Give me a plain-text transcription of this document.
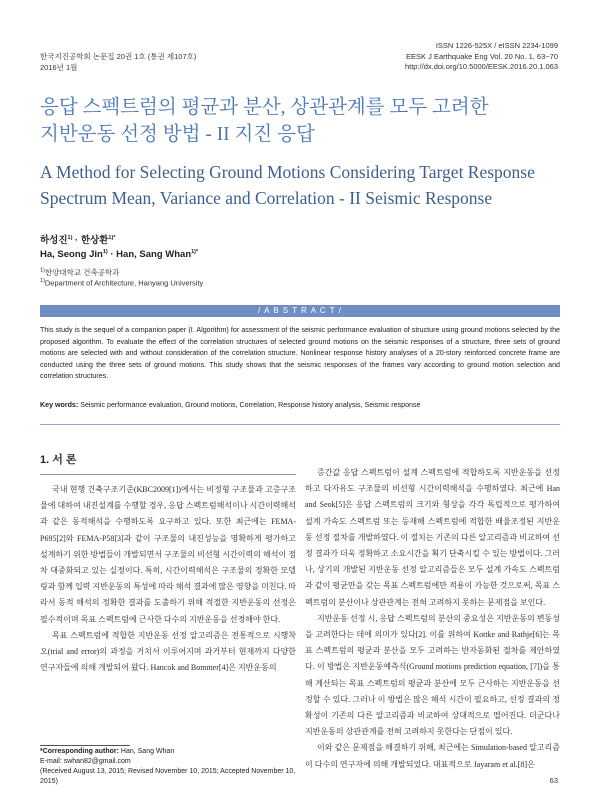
한국지진공학회 논문집 20권 1호 (통권 제107호)
2016년 1월
ISSN 1226-525X / eISSN 2234-1099
EESK J Earthquake Eng Vol. 20 No. 1, 63~70
http://dx.doi.org/10.5000/EESK.2016.20.1.063
응답 스펙트럼의 평균과 분산, 상관관계를 모두 고려한
지반운동 선정 방법 - II 지진 응답
A Method for Selecting Ground Motions Considering Target Response
Spectrum Mean, Variance and Correlation - II Seismic Response
하성진$^{1)}$ · 한상환$^{1)*}$
Ha, Seong Jin$^{1)}$ · Han, Sang Whan$^{1)*}$
$^{1)}$한양대학교 건축공학과
$^{1)}$Department of Architecture, Hanyang University
/ A B S T R A C T /
This study is the sequel of a companion paper (I. Algorithm) for assessment of the seismic performance evaluation of structure using ground motions selected by the proposed algorithm. To evaluate the effect of the correlation structures of selected ground motions on the seismic responses of a structure, three sets of ground motions are selected with and without consideration of the correlation structure. Nonlinear response history analyses of a 20-story reinforced concrete frame are conducted using the three sets of ground motions. This study shows that the seismic responses of the frames vary according to ground motion selection and correlation structures.
Key words: Seismic performance evaluation, Ground motions, Correlation, Response history analysis, Seismic response
1. 서 론

국내 현행 건축구조기준(KBC2009[1])에서는 비정형 구조물과 고층구조물에 대하여 내진설계를 수행할 경우, 응답 스펙트럼해석이나 시간이력해석과 같은 동적해석을 수행하도록 요구하고 있다. 또한 최근에는 FEMA-P695[2]와 FEMA-P58[3]과 같이 구조물의 내진성능을 명확하게 평가하고 설계하기 위한 방법들이 개발되면서 구조물의 비선형 시간이력의 해석이 점차 대중화되고 있는 실정이다. 특히, 시간이력해석은 구조물의 정확한 모델링과 함께 입력 지반운동의 특성에 따라 해석 결과에 많은 영향을 미친다. 따라서 동적 해석의 정확한 결과를 도출하기 위해 적절한 지반운동의 선정은 필수적이며 목표 스펙트럼에 근사한 다수의 지반운동을 선정해야 한다.

목표 스펙트럼에 적합한 지반운동 선정 알고리즘은 전통적으로 시행착오(trial and error)의 과정을 거치서 이루어지며 과거부터 현재까지 다양한 연구자들에 의해 개발되어 왔다. Hancok and Bommer[4]은 지반운동의

증간값 응답 스펙트럼이 설계 스펙트럼에 적합하도록 지반운동을 선정하고 다자유도 구조물의 비선형 시간이력해석을 수행하였다. 최근에 Han and Seok[5]은 응답 스펙트럼의 크기와 형상을 각각 독립적으로 평가하여 설계 가속도 스펙트럼 또는 등재해 스펙트럼에 적합한 배율조정된 지반운동 선정 절차를 개발하였다. 이 절치는 기존의 다른 알고리즘과 비교하여 선정 결과가 더욱 정확하고 소요시간을 획기 단축시킬 수 있는 방법이다. 그러나, 상기의 개발된 지반운동 선정 알고리즘들은 모두 설계 가속도 스펙트럼과 같이 평균만을 갖는 목표 스펙트럼에만 적용이 가능한 것으로써, 목표 스펙트럼의 분산이나 상관관계는 전혀 고려하지 못하는 문제점을 보인다.

지반운동 선정 시, 응답 스펙트럼의 분산의 중요성은 지반운동의 변동성을 고려한다는 데에 의미가 있다[2]. 이를 위하여 Kottke and Rathje[6]는 목표 스펙트럼의 평균과 분산을 모두 고려하는 반자동화된 절차를 제안하였다. 이 방법은 지반운동예측식(Ground motions prediction equation, [7])을 통해 계산되는 목표 스펙트럼의 평균과 분산에 모두 근사하는 지반운동을 선정할 수 있다. 그러나 이 방법은 많은 해석 시간이 필요하고, 선정 결과의 정확성이 기존의 다른 알고리즘과 비교하여 상대적으로 떨어진다. 더군다나 지반운동의 상관관계를 전혀 고려하지 못한다는 단점이 있다.

이와 같은 문제점을 해결하기 위해, 최근에는 Simulation-based 알고리즘이 다수의 연구자에 의해 개발되었다. 대표적으로 Jayaram et al.[8]은

*Corresponding author: Han, Sang Whan
E-mail: swhan82@gmail.com
(Received August 13, 2015; Revised November 10, 2015; Accepted November 10, 2015)	63
